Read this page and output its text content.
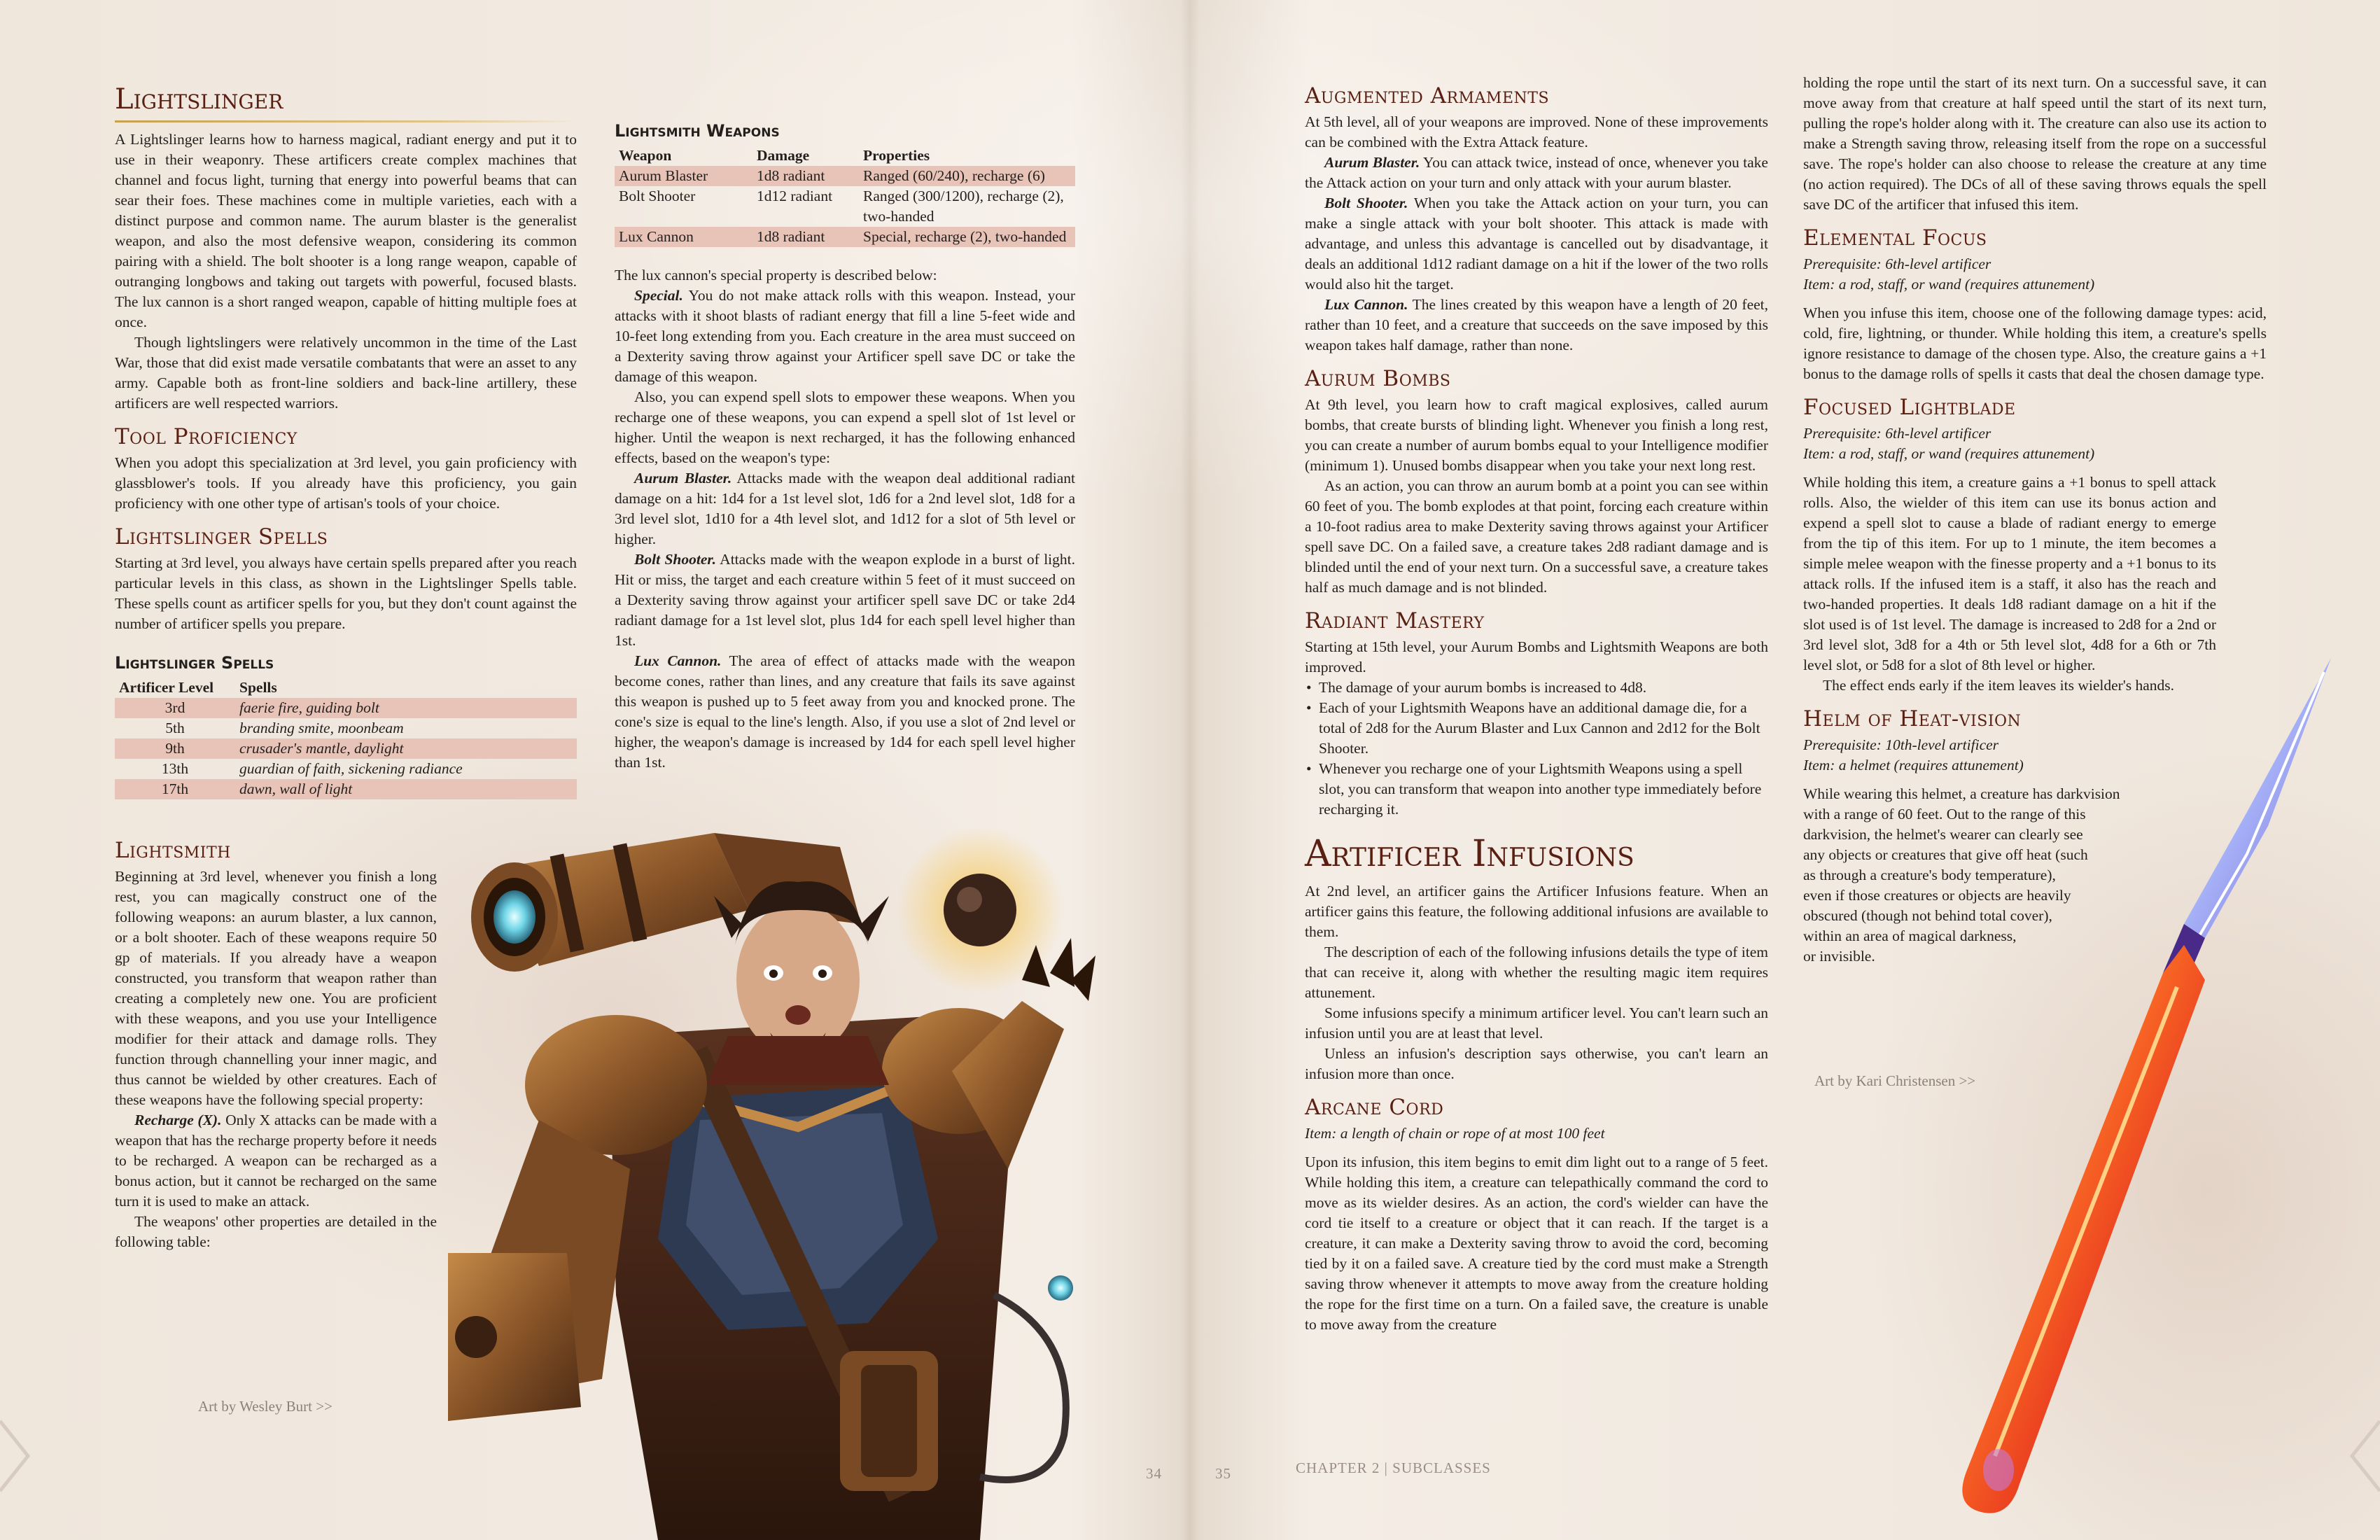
Lightslinger

A Lightslinger learns how to harness magical, radiant energy and put it to use in their weaponry. These artificers create complex machines that channel and focus light, turning that energy into powerful beams that can sear their foes. These machines come in multiple varieties, each with a distinct purpose and common name. The aurum blaster is the generalist weapon, and also the most defensive weapon, considering its common pairing with a shield. The bolt shooter is a long range weapon, capable of outranging longbows and taking out targets with powerful, focused blasts. The lux cannon is a short ranged weapon, capable of hitting multiple foes at once.

Though lightslingers were relatively uncommon in the time of the Last War, those that did exist made versatile combatants that were an asset to any army. Capable both as front-line soldiers and back-line artillery, these artificers are well respected warriors.

Tool Proficiency

When you adopt this specialization at 3rd level, you gain proficiency with glassblower's tools. If you already have this proficiency, you gain proficiency with one other type of artisan's tools of your choice.

Lightslinger Spells

Starting at 3rd level, you always have certain spells prepared after you reach particular levels in this class, as shown in the Lightslinger Spells table. These spells count as artificer spells for you, but they don't count against the number of artificer spells you prepare.

Lightslinger Spells
Artificer Level	Spells
3rd	faerie fire, guiding bolt
5th	branding smite, moonbeam
9th	crusader's mantle, daylight
13th	guardian of faith, sickening radiance
17th	dawn, wall of light
Lightsmith

Beginning at 3rd level, whenever you finish a long rest, you can magically construct one of the following weapons: an aurum blaster, a lux cannon, or a bolt shooter. Each of these weapons require 50 gp of materials. If you already have a weapon constructed, you transform that weapon rather than creating a completely new one. You are proficient with these weapons, and you use your Intelligence modifier for their attack and damage rolls. They function through channelling your inner magic, and thus cannot be wielded by other creatures. Each of these weapons have the following special property:

Recharge (X). Only X attacks can be made with a weapon that has the recharge property before it needs to be recharged. A weapon can be recharged as a bonus action, but it cannot be recharged on the same turn it is used to make an attack.

The weapons' other properties are detailed in the following table:

Lightsmith Weapons
Weapon	Damage	Properties
Aurum Blaster	1d8 radiant	Ranged (60/240), recharge (6)
Bolt Shooter	1d12 radiant	Ranged (300/1200), recharge (2), two-handed
Lux Cannon	1d8 radiant	Special, recharge (2), two-handed

The lux cannon's special property is described below:

Special. You do not make attack rolls with this weapon. Instead, your attacks with it shoot blasts of radiant energy that fill a line 5-feet wide and 10-feet long extending from you. Each creature in the area must succeed on a Dexterity saving throw against your Artificer spell save DC or take the damage of this weapon.

Also, you can expend spell slots to empower these weapons. When you recharge one of these weapons, you can expend a spell slot of 1st level or higher. Until the weapon is next recharged, it has the following enhanced effects, based on the weapon's type:

Aurum Blaster. Attacks made with the weapon deal additional radiant damage on a hit: 1d4 for a 1st level slot, 1d6 for a 2nd level slot, 1d8 for a 3rd level slot, 1d10 for a 4th level slot, and 1d12 for a slot of 5th level or higher.

Bolt Shooter. Attacks made with the weapon explode in a burst of light. Hit or miss, the target and each creature within 5 feet of it must succeed on a Dexterity saving throw against your artificer spell save DC or take 2d4 radiant damage for a 1st level slot, plus 1d4 for each spell level higher than 1st.

Lux Cannon. The area of effect of attacks made with the weapon become cones, rather than lines, and any creature that fails its save against this weapon is pushed up to 5 feet away from you and knocked prone. The cone's size is equal to the line's length. Also, if you use a slot of 2nd level or higher, the weapon's damage is increased by 1d4 for each spell level higher than 1st.

Art by Wesley Burt >>
Augmented Armaments

At 5th level, all of your weapons are improved. None of these improvements can be combined with the Extra Attack feature.

Aurum Blaster. You can attack twice, instead of once, whenever you take the Attack action on your turn and only attack with your aurum blaster.

Bolt Shooter. When you take the Attack action on your turn, you can make a single attack with your bolt shooter. This attack is made with advantage, and unless this advantage is cancelled out by disadvantage, it deals an additional 1d12 radiant damage on a hit if the lower of the two rolls would also hit the target.

Lux Cannon. The lines created by this weapon have a length of 20 feet, rather than 10 feet, and a creature that succeeds on the save imposed by this weapon takes half damage, rather than none.

Aurum Bombs

At 9th level, you learn how to craft magical explosives, called aurum bombs, that create bursts of blinding light. Whenever you finish a long rest, you can create a number of aurum bombs equal to your Intelligence modifier (minimum 1). Unused bombs disappear when you take your next long rest.

As an action, you can throw an aurum bomb at a point you can see within 60 feet of you. The bomb explodes at that point, forcing each creature within a 10-foot radius area to make Dexterity saving throws against your Artificer spell save DC. On a failed save, a creature takes 2d8 radiant damage and is blinded until the end of your next turn. On a successful save, a creature takes half as much damage and is not blinded.

Radiant Mastery

Starting at 15th level, your Aurum Bombs and Lightsmith Weapons are both improved.

• The damage of your aurum bombs is increased to 4d8.
• Each of your Lightsmith Weapons have an additional damage die, for a total of 2d8 for the Aurum Blaster and Lux Cannon and 2d12 for the Bolt Shooter.
• Whenever you recharge one of your Lightsmith Weapons using a spell slot, you can transform that weapon into another type immediately before recharging it.
Artificer Infusions

At 2nd level, an artificer gains the Artificer Infusions feature. When an artificer gains this feature, the following additional infusions are available to them.

The description of each of the following infusions details the type of item that can receive it, along with whether the resulting magic item requires attunement.

Some infusions specify a minimum artificer level. You can't learn such an infusion until you are at least that level.

Unless an infusion's description says otherwise, you can't learn an infusion more than once.

Arcane Cord

Item: a length of chain or rope of at most 100 feet

Upon its infusion, this item begins to emit dim light out to a range of 5 feet. While holding this item, a creature can telepathically command the cord to move as its wielder desires. As an action, the cord's wielder can have the cord tie itself to a creature or object that it can reach. If the target is a creature, it can make a Dexterity saving throw to avoid the cord, becoming tied by it on a failed save. A creature tied by the cord must make a Strength saving throw whenever it attempts to move away from the creature holding the rope for the first time on a turn. On a failed save, the creature is unable to move away from the creature

holding the rope until the start of its next turn. On a successful save, it can move away from that creature at half speed until the start of its next turn, pulling the rope's holder along with it. The creature can also use its action to make a Strength saving throw, releasing itself from the rope on a successful save. The rope's holder can also choose to release the creature at any time (no action required). The DCs of all of these saving throws equals the spell save DC of the artificer that infused this item.

Elemental Focus

Prerequisite: 6th-level artificer

Item: a rod, staff, or wand (requires attunement)

When you infuse this item, choose one of the following damage types: acid, cold, fire, lightning, or thunder. While holding this item, a creature's spells ignore resistance to damage of the chosen type. Also, the creature gains a +1 bonus to the damage rolls of spells it casts that deal the chosen damage type.

Focused Lightblade

Prerequisite: 6th-level artificer

Item: a rod, staff, or wand (requires attunement)

While holding this item, a creature gains a +1 bonus to spell attack rolls. Also, the wielder of this item can use its bonus action and expend a spell slot to cause a blade of radiant energy to emerge from the tip of this item. For up to 1 minute, the item becomes a simple melee weapon with the finesse property and a +1 bonus to its attack rolls. If the infused item is a staff, it also has the reach and two-handed properties. It deals 1d8 radiant damage on a hit if the slot used is of 1st level. The damage is increased to 2d8 for a 2nd or 3rd level slot, 3d8 for a 4th or 5th level slot, 4d8 for a 6th or 7th level slot, or 5d8 for a slot of 8th level or higher.

The effect ends early if the item leaves its wielder's hands.

Helm of Heat-vision

Prerequisite: 10th-level artificer

Item: a helmet (requires attunement)

While wearing this helmet, a creature has darkvision
with a range of 60 feet. Out to the range of this
darkvision, the helmet's wearer can clearly see
any objects or creatures that give off heat (such
as through a creature's body temperature),
even if those creatures or objects are heavily
obscured (though not behind total cover),
within an area of magical darkness,
or invisible.
Art by Kari Christensen >>
34	35	CHAPTER 2 | SUBCLASSES
